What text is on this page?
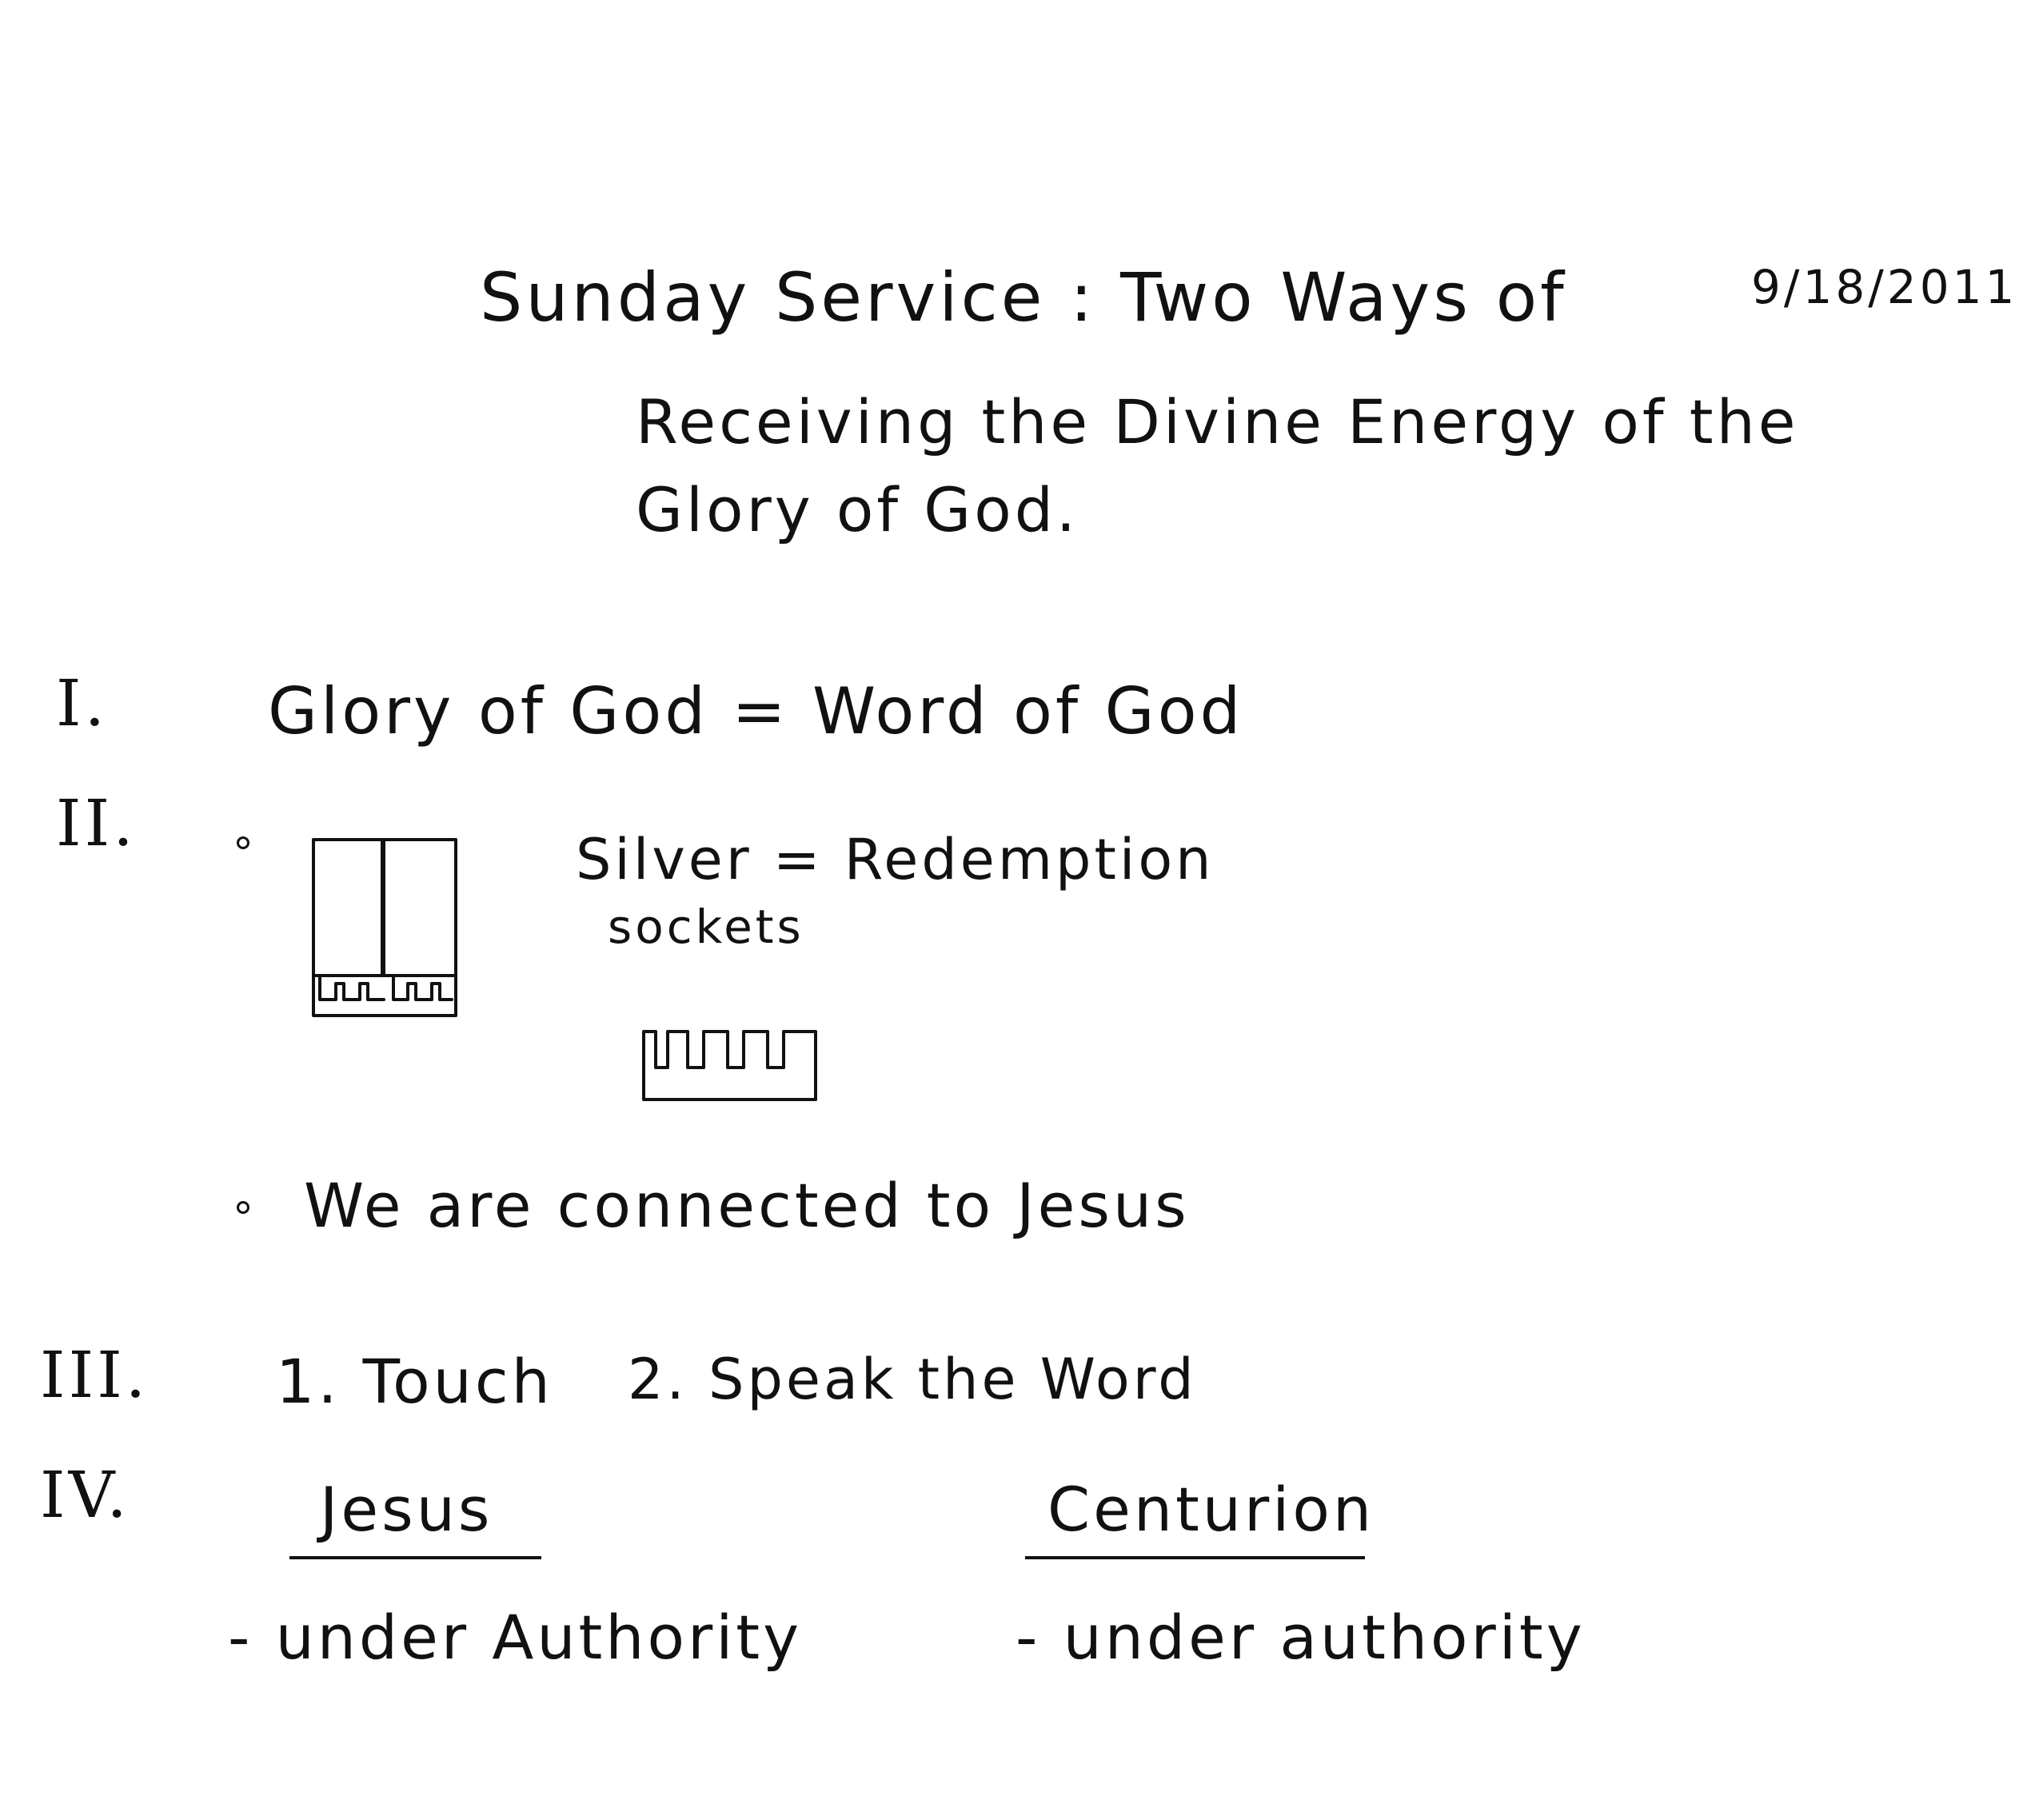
Sunday Service : Two Ways of	9/18/2011
Receiving the Divine Energy of the
Glory of God.
I. Glory of God = Word of God
II.	Silver = Redemption
sockets
We are connected to Jesus
III. 1. Touch 2. Speak the Word
IV.	Jesus	Centurion
- under Authority	- under authority
